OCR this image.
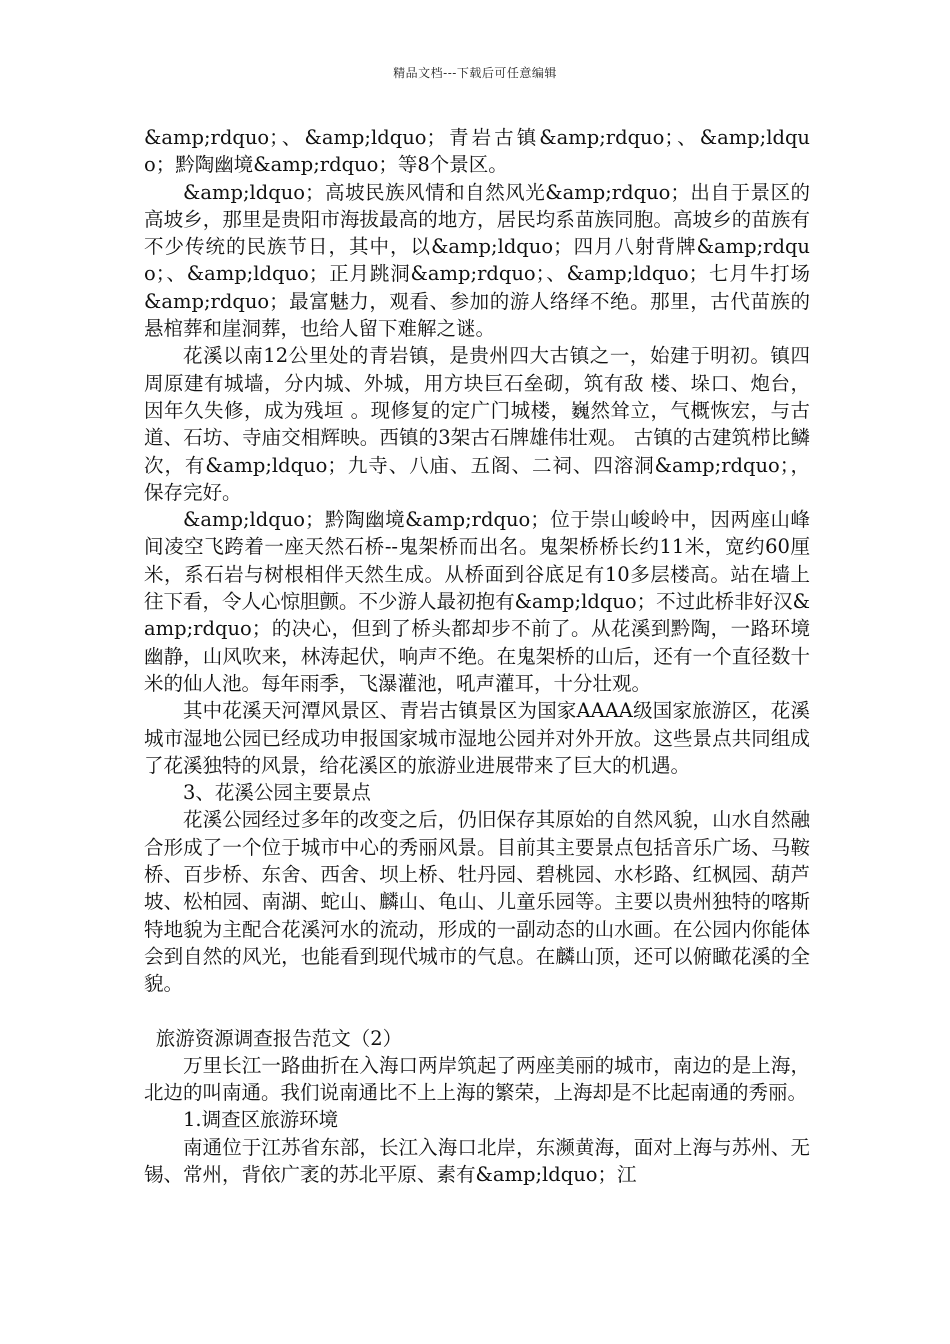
精品文档---下载后可任意编辑

&amp;rdquo；、&amp;ldquo；青岩古镇&amp;rdquo；、&amp;ldquo；黔陶幽境&amp;rdquo；等8个景区。

&amp;ldquo；高坡民族风情和自然风光&amp;rdquo；出自于景区的高坡乡，那里是贵阳市海拔最高的地方，居民均系苗族同胞。高坡乡的苗族有不少传统的民族节日，其中，以&amp;ldquo；四月八射背牌&amp;rdquo；、&amp;ldquo；正月跳洞&amp;rdquo；、&amp;ldquo；七月牛打场&amp;rdquo；最富魅力，观看、参加的游人络绎不绝。那里，古代苗族的悬棺葬和崖洞葬，也给人留下难解之谜。

花溪以南12公里处的青岩镇，是贵州四大古镇之一，始建于明初。镇四周原建有城墙，分内城、外城，用方块巨石垒砌，筑有敌 楼、垛口、炮台，因年久失修，成为残垣 。现修复的定广门城楼，巍然耸立，气概恢宏，与古道、石坊、寺庙交相辉映。西镇的3架古石牌雄伟壮观。 古镇的古建筑栉比鳞次，有&amp;ldquo；九寺、八庙、五阁、二祠、四溶洞&amp;rdquo；，保存完好。

&amp;ldquo；黔陶幽境&amp;rdquo；位于崇山峻岭中，因两座山峰间凌空飞跨着一座天然石桥--鬼架桥而出名。鬼架桥桥长约11米，宽约60厘米，系石岩与树根相伴天然生成。从桥面到谷底足有10多层楼高。站在墙上往下看，令人心惊胆颤。不少游人最初抱有&amp;ldquo；不过此桥非好汉&amp;rdquo；的决心，但到了桥头都却步不前了。从花溪到黔陶，一路环境幽静，山风吹来，林涛起伏，响声不绝。在鬼架桥的山后，还有一个直径数十米的仙人池。每年雨季，飞瀑灌池，吼声灌耳，十分壮观。

其中花溪天河潭风景区、青岩古镇景区为国家AAAA级国家旅游区，花溪城市湿地公园已经成功申报国家城市湿地公园并对外开放。这些景点共同组成了花溪独特的风景，给花溪区的旅游业进展带来了巨大的机遇。

3、花溪公园主要景点

花溪公园经过多年的改变之后，仍旧保存其原始的自然风貌，山水自然融合形成了一个位于城市中心的秀丽风景。目前其主要景点包括音乐广场、马鞍桥、百步桥、东舍、西舍、坝上桥、牡丹园、碧桃园、水杉路、红枫园、葫芦坡、松柏园、南湖、蛇山、麟山、龟山、儿童乐园等。主要以贵州独特的喀斯特地貌为主配合花溪河水的流动，形成的一副动态的山水画。在公园内你能体会到自然的风光，也能看到现代城市的气息。在麟山顶，还可以俯瞰花溪的全貌。

旅游资源调查报告范文（2）

万里长江一路曲折在入海口两岸筑起了两座美丽的城市，南边的是上海，北边的叫南通。我们说南通比不上上海的繁荣，上海却是不比起南通的秀丽。

1.调查区旅游环境

南通位于江苏省东部，长江入海口北岸，东濒黄海，面对上海与苏州、无锡、常州，背依广袤的苏北平原、素有&amp;ldquo；江
